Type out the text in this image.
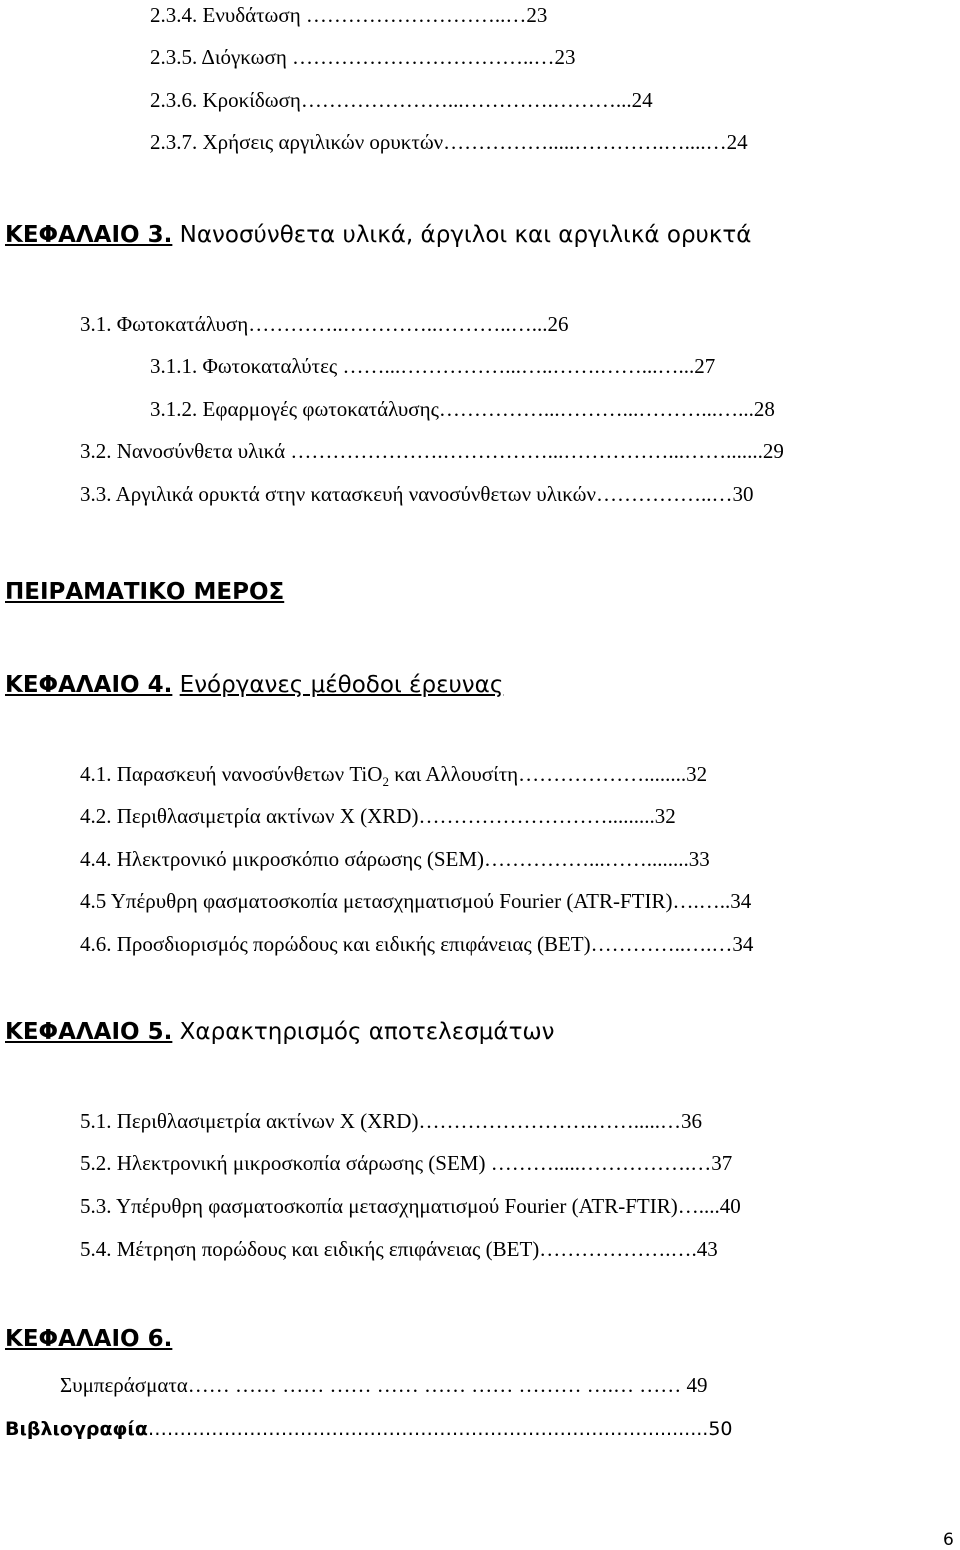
2.3.4. Ενυδάτωση ………………………..…23
2.3.5. Διόγκωση ……………………………..…23
2.3.6. Κροκίδωση…………………...………….………...24
2.3.7. Χρήσεις αργιλικών ορυκτών…………….....………….…....…24
ΚΕΦΑΛΑΙΟ 3. Νανοσύνθετα υλικά, άργιλοι και αργιλικά ορυκτά
3.1. Φωτοκατάλυση…………..…………..………..…...26
3.1.1. Φωτοκαταλύτες ……...……………...…..…….……...…...27
3.1.2. Εφαρμογές φωτοκατάλυσης……………...………...………...…...28
3.2. Νανοσύνθετα υλικά ………………….……………...……………...…….......29
3.3. Αργιλικά ορυκτά στην κατασκευή νανοσύνθετων υλικών……………..…30
ΠΕΙΡΑΜΑΤΙΚΟ ΜΕΡΟΣ
ΚΕΦΑΛΑΙΟ 4. Ενόργανες μέθοδοι έρευνας
4.1. Παρασκευή νανοσύνθετων TiO$_2$ και Αλλουσίτη………………........32
4.2. Περιθλασιμετρία ακτίνων X (XRD)……………………….........32
4.4. Ηλεκτρονικό μικροσκόπιο σάρωσης (SEM)……………...……........33
4.5 Υπέρυθρη φασματοσκοπία μετασχηματισμού Fourier (ATR-FTIR)….…..34
4.6. Προσδιορισμός πορώδους και ειδικής επιφάνειας (BET)…………..….…34
ΚΕΦΑΛΑΙΟ 5. Χαρακτηρισμός αποτελεσμάτων
5.1. Περιθλασιμετρία ακτίνων X (XRD)…………………….…….....…36
5.2. Ηλεκτρονική μικροσκοπία σάρωσης (SEM) ……….....…………….…37
5.3. Υπέρυθρη φασματοσκοπία μετασχηματισμού Fourier (ATR-FTIR)…....40
5.4. Μέτρηση πορώδους και ειδικής επιφάνειας (BET)……………….….43
ΚΕΦΑΛΑΙΟ 6.
Συμπεράσματα…… …… …… …… …… …… …… ……… ….… …… 49
Βιβλιογραφία……………………………………………………………….……..........50
6
